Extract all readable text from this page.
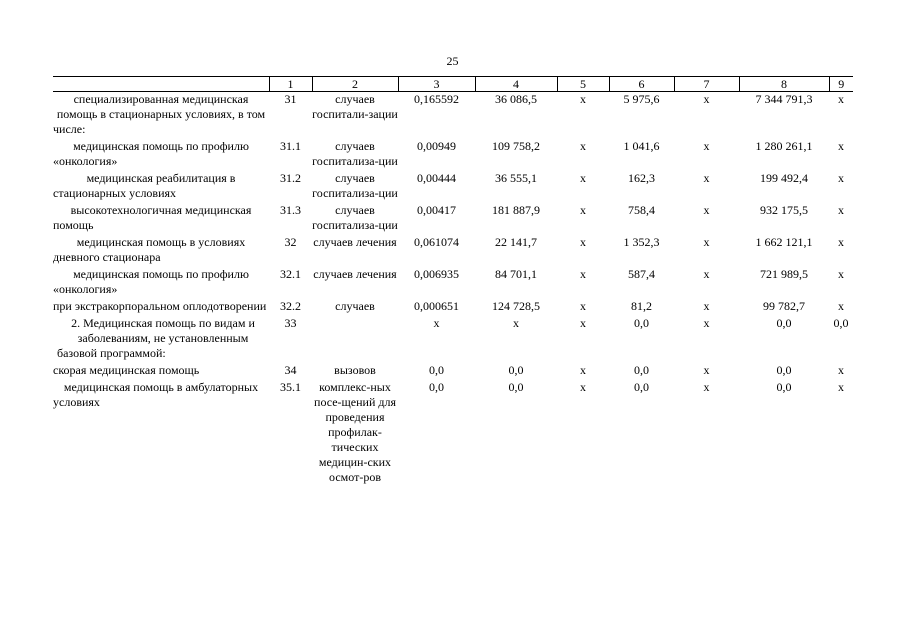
25
	1	2	3	4	5	6	7	8	9
специализированная медицинская помощь в стационарных условиях, в том числе:	31	случаев госпитали-зации	0,165592	36 086,5	х	5 975,6	х	7 344 791,3	х
медицинская помощь по профилю «онкология»	31.1	случаев госпитализа-ции	0,00949	109 758,2	х	1 041,6	х	1 280 261,1	х
медицинская реабилитация в стационарных условиях	31.2	случаев госпитализа-ции	0,00444	36 555,1	х	162,3	х	199 492,4	х
высокотехнологичная медицинская помощь	31.3	случаев госпитализа-ции	0,00417	181 887,9	х	758,4	х	932 175,5	х
медицинская помощь в условиях дневного стационара	32	случаев лечения	0,061074	22 141,7	х	1 352,3	х	1 662 121,1	х
медицинская помощь по профилю «онкология»	32.1	случаев лечения	0,006935	84 701,1	х	587,4	х	721 989,5	х
при экстракорпоральном оплодотворении	32.2	случаев	0,000651	124 728,5	х	81,2	х	99 782,7	х
2. Медицинская помощь по видам и заболеваниям, не установленным базовой программой:	33		х	х	х	0,0	х	0,0	0,0
скорая медицинская помощь	34	вызовов	0,0	0,0	х	0,0	х	0,0	х
медицинская помощь в амбулаторных условиях	35.1	комплекс-ных посе-щений для проведения профилак-тических медицин-ских осмот-ров	0,0	0,0	х	0,0	х	0,0	х
